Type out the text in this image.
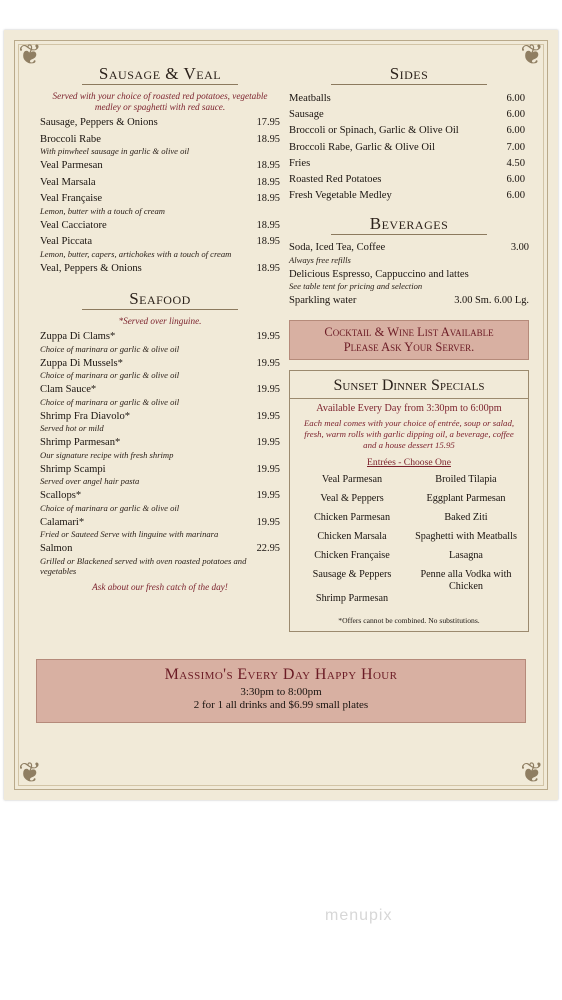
❦	❦
❦	❦
Sausage & Veal
Served with your choice of roasted red potatoes, vegetable medley or spaghetti with red sauce.
Sausage, Peppers & Onions	17.95
Broccoli Rabe	18.95
With pinwheel sausage in garlic & olive oil
Veal Parmesan	18.95
Veal Marsala	18.95
Veal Française	18.95
Lemon, butter with a touch of cream
Veal Cacciatore	18.95
Veal Piccata	18.95
Lemon, butter, capers, artichokes with a touch of cream
Veal, Peppers & Onions	18.95
Seafood
*Served over linguine.
Zuppa Di Clams*	19.95
Choice of marinara or garlic & olive oil
Zuppa Di Mussels*	19.95
Choice of marinara or garlic & olive oil
Clam Sauce*	19.95
Choice of marinara or garlic & olive oil
Shrimp Fra Diavolo*	19.95
Served hot or mild
Shrimp Parmesan*	19.95
Our signature recipe with fresh shrimp
Shrimp Scampi	19.95
Served over angel hair pasta
Scallops*	19.95
Choice of marinara or garlic & olive oil
Calamari*	19.95
Fried or Sauteed Serve with linguine with marinara
Salmon	22.95
Grilled or Blackened served with oven roasted potatoes and vegetables
Ask about our fresh catch of the day!
Sides
Meatballs	6.00
Sausage	6.00
Broccoli or Spinach, Garlic & Olive Oil	6.00
Broccoli Rabe, Garlic & Olive Oil	7.00
Fries	4.50
Roasted Red Potatoes	6.00
Fresh Vegetable Medley	6.00
Beverages
Soda, Iced Tea, Coffee	3.00
Always free refills
Delicious Espresso, Cappuccino and lattes
See table tent for pricing and selection
Sparkling water	3.00 Sm. 6.00 Lg.
Cocktail & Wine List Available
Please Ask Your Server.
Sunset Dinner Specials
Available Every Day from 3:30pm to 6:00pm
Each meal comes with your choice of entrée, soup or salad, fresh, warm rolls with garlic dipping oil, a beverage, coffee and a house dessert 15.95
Entrées - Choose One
Veal Parmesan	Broiled Tilapia
Veal & Peppers	Eggplant Parmesan
Chicken Parmesan	Baked Ziti
Chicken Marsala	Spaghetti with Meatballs
Chicken Française	Lasagna
Sausage & Peppers	Penne alla Vodka with Chicken
Shrimp Parmesan
*Offers cannot be combined. No substitutions.
Massimo's Every Day Happy Hour
3:30pm to 8:00pm
2 for 1 all drinks and $6.99 small plates
menupix
